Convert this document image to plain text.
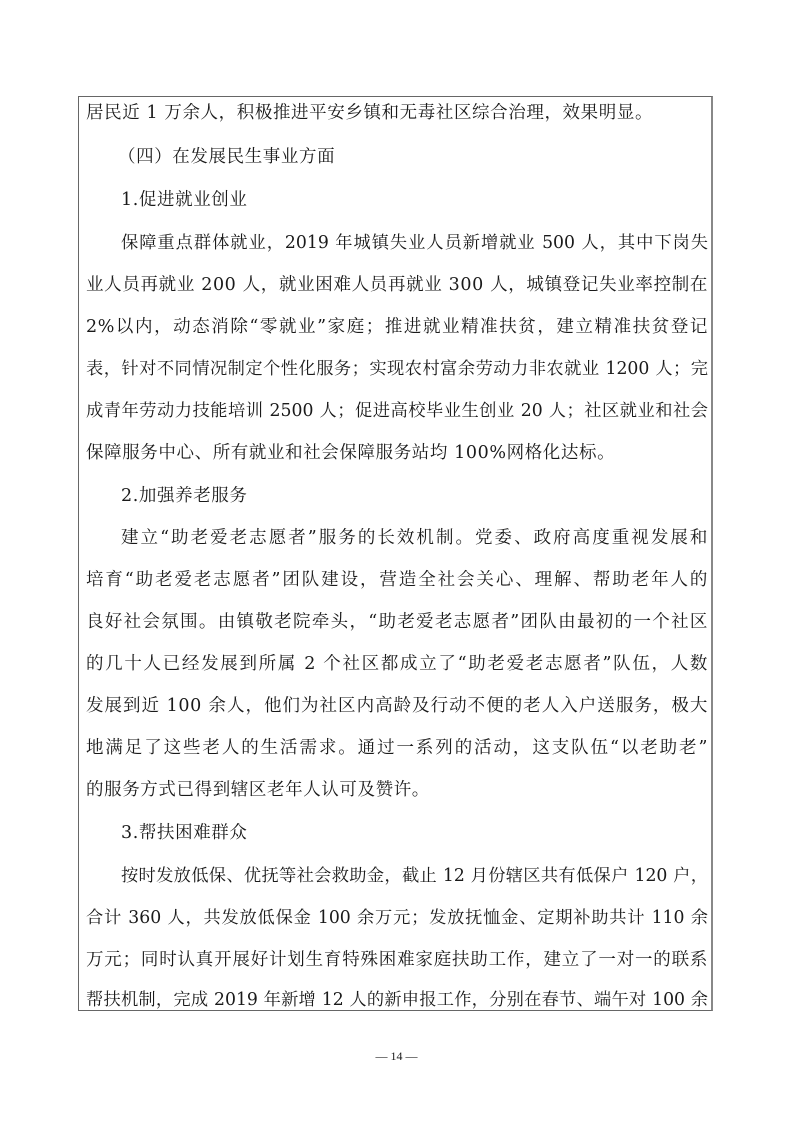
居民近 1 万余人，积极推进平安乡镇和无毒社区综合治理，效果明显。
（四）在发展民生事业方面
1.促进就业创业
保障重点群体就业，2019 年城镇失业人员新增就业 500 人，其中下岗失
业人员再就业 200 人，就业困难人员再就业 300 人，城镇登记失业率控制在
2%以内，动态消除“零就业”家庭；推进就业精准扶贫，建立精准扶贫登记
表，针对不同情况制定个性化服务；实现农村富余劳动力非农就业 1200 人；完
成青年劳动力技能培训 2500 人；促进高校毕业生创业 20 人；社区就业和社会
保障服务中心、所有就业和社会保障服务站均 100%网格化达标。
2.加强养老服务
建立“助老爱老志愿者”服务的长效机制。党委、政府高度重视发展和
培育“助老爱老志愿者”团队建设，营造全社会关心、理解、帮助老年人的
良好社会氛围。由镇敬老院牵头，“助老爱老志愿者”团队由最初的一个社区
的几十人已经发展到所属 2 个社区都成立了“助老爱老志愿者”队伍，人数
发展到近 100 余人，他们为社区内高龄及行动不便的老人入户送服务，极大
地满足了这些老人的生活需求。通过一系列的活动，这支队伍“以老助老”
的服务方式已得到辖区老年人认可及赞许。
3.帮扶困难群众
按时发放低保、优抚等社会救助金，截止 12 月份辖区共有低保户 120 户，
合计 360 人，共发放低保金 100 余万元；发放抚恤金、定期补助共计 110 余
万元；同时认真开展好计划生育特殊困难家庭扶助工作，建立了一对一的联系
帮扶机制，完成 2019 年新增 12 人的新申报工作，分别在春节、端午对 100 余
— 14 —
